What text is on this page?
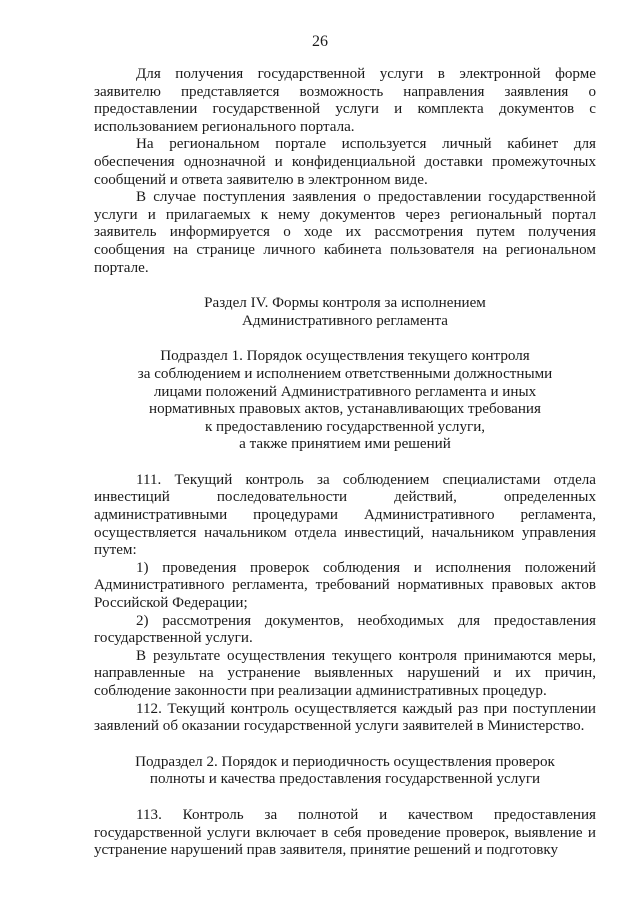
26

Для получения государственной услуги в электронной форме заявителю представляется возможность направления заявления о предоставлении государственной услуги и комплекта документов с использованием регионального портала.

На региональном портале используется личный кабинет для обеспечения однозначной и конфиденциальной доставки промежуточных сообщений и ответа заявителю в электронном виде.

В случае поступления заявления о предоставлении государственной услуги и прилагаемых к нему документов через региональный портал заявитель информируется о ходе их рассмотрения путем получения сообщения на странице личного кабинета пользователя на региональном портале.

Раздел IV. Формы контроля за исполнением

Административного регламента

Подраздел 1. Порядок осуществления текущего контроля

за соблюдением и исполнением ответственными должностными

лицами положений Административного регламента и иных

нормативных правовых актов, устанавливающих требования

к предоставлению государственной услуги,

а также принятием ими решений

111. Текущий контроль за соблюдением специалистами отдела инвестиций последовательности действий, определенных административными процедурами Административного регламента, осуществляется начальником отдела инвестиций, начальником управления путем:

1) проведения проверок соблюдения и исполнения положений Административного регламента, требований нормативных правовых актов Российской Федерации;

2) рассмотрения документов, необходимых для предоставления государственной услуги.

В результате осуществления текущего контроля принимаются меры, направленные на устранение выявленных нарушений и их причин, соблюдение законности при реализации административных процедур.

112. Текущий контроль осуществляется каждый раз при поступлении заявлений об оказании государственной услуги заявителей в Министерство.

Подраздел 2. Порядок и периодичность осуществления проверок

полноты и качества предоставления государственной услуги

113. Контроль за полнотой и качеством предоставления государственной услуги включает в себя проведение проверок, выявление и устранение нарушений прав заявителя, принятие решений и подготовку
